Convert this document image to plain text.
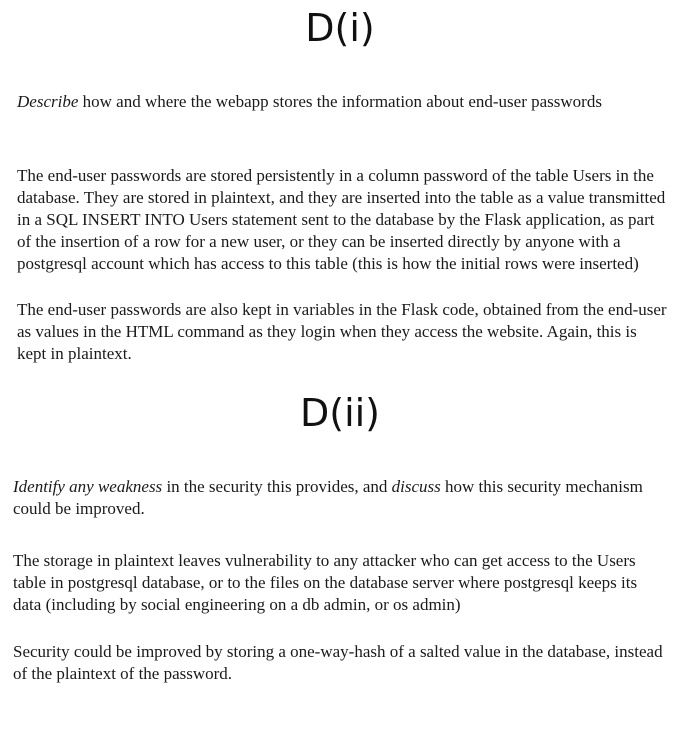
D(i)

Describe how and where the webapp stores the information about end-user passwords

The end-user passwords are stored persistently in a column password of the table Users in the database. They are stored in plaintext, and they are inserted into the table as a value transmitted in a SQL INSERT INTO Users statement sent to the database by the Flask application, as part of the insertion of a row for a new user, or they can be inserted directly by anyone with a postgresql account which has access to this table (this is how the initial rows were inserted)

The end-user passwords are also kept in variables in the Flask code, obtained from the end-user as values in the HTML command as they login when they access the website. Again, this is kept in plaintext.

D(ii)

Identify any weakness in the security this provides, and discuss how this security mechanism could be improved.

The storage in plaintext leaves vulnerability to any attacker who can get access to the Users table in postgresql database, or to the files on the database server where postgresql keeps its data (including by social engineering on a db admin, or os admin)

Security could be improved by storing a one-way-hash of a salted value in the database, instead of the plaintext of the password.
